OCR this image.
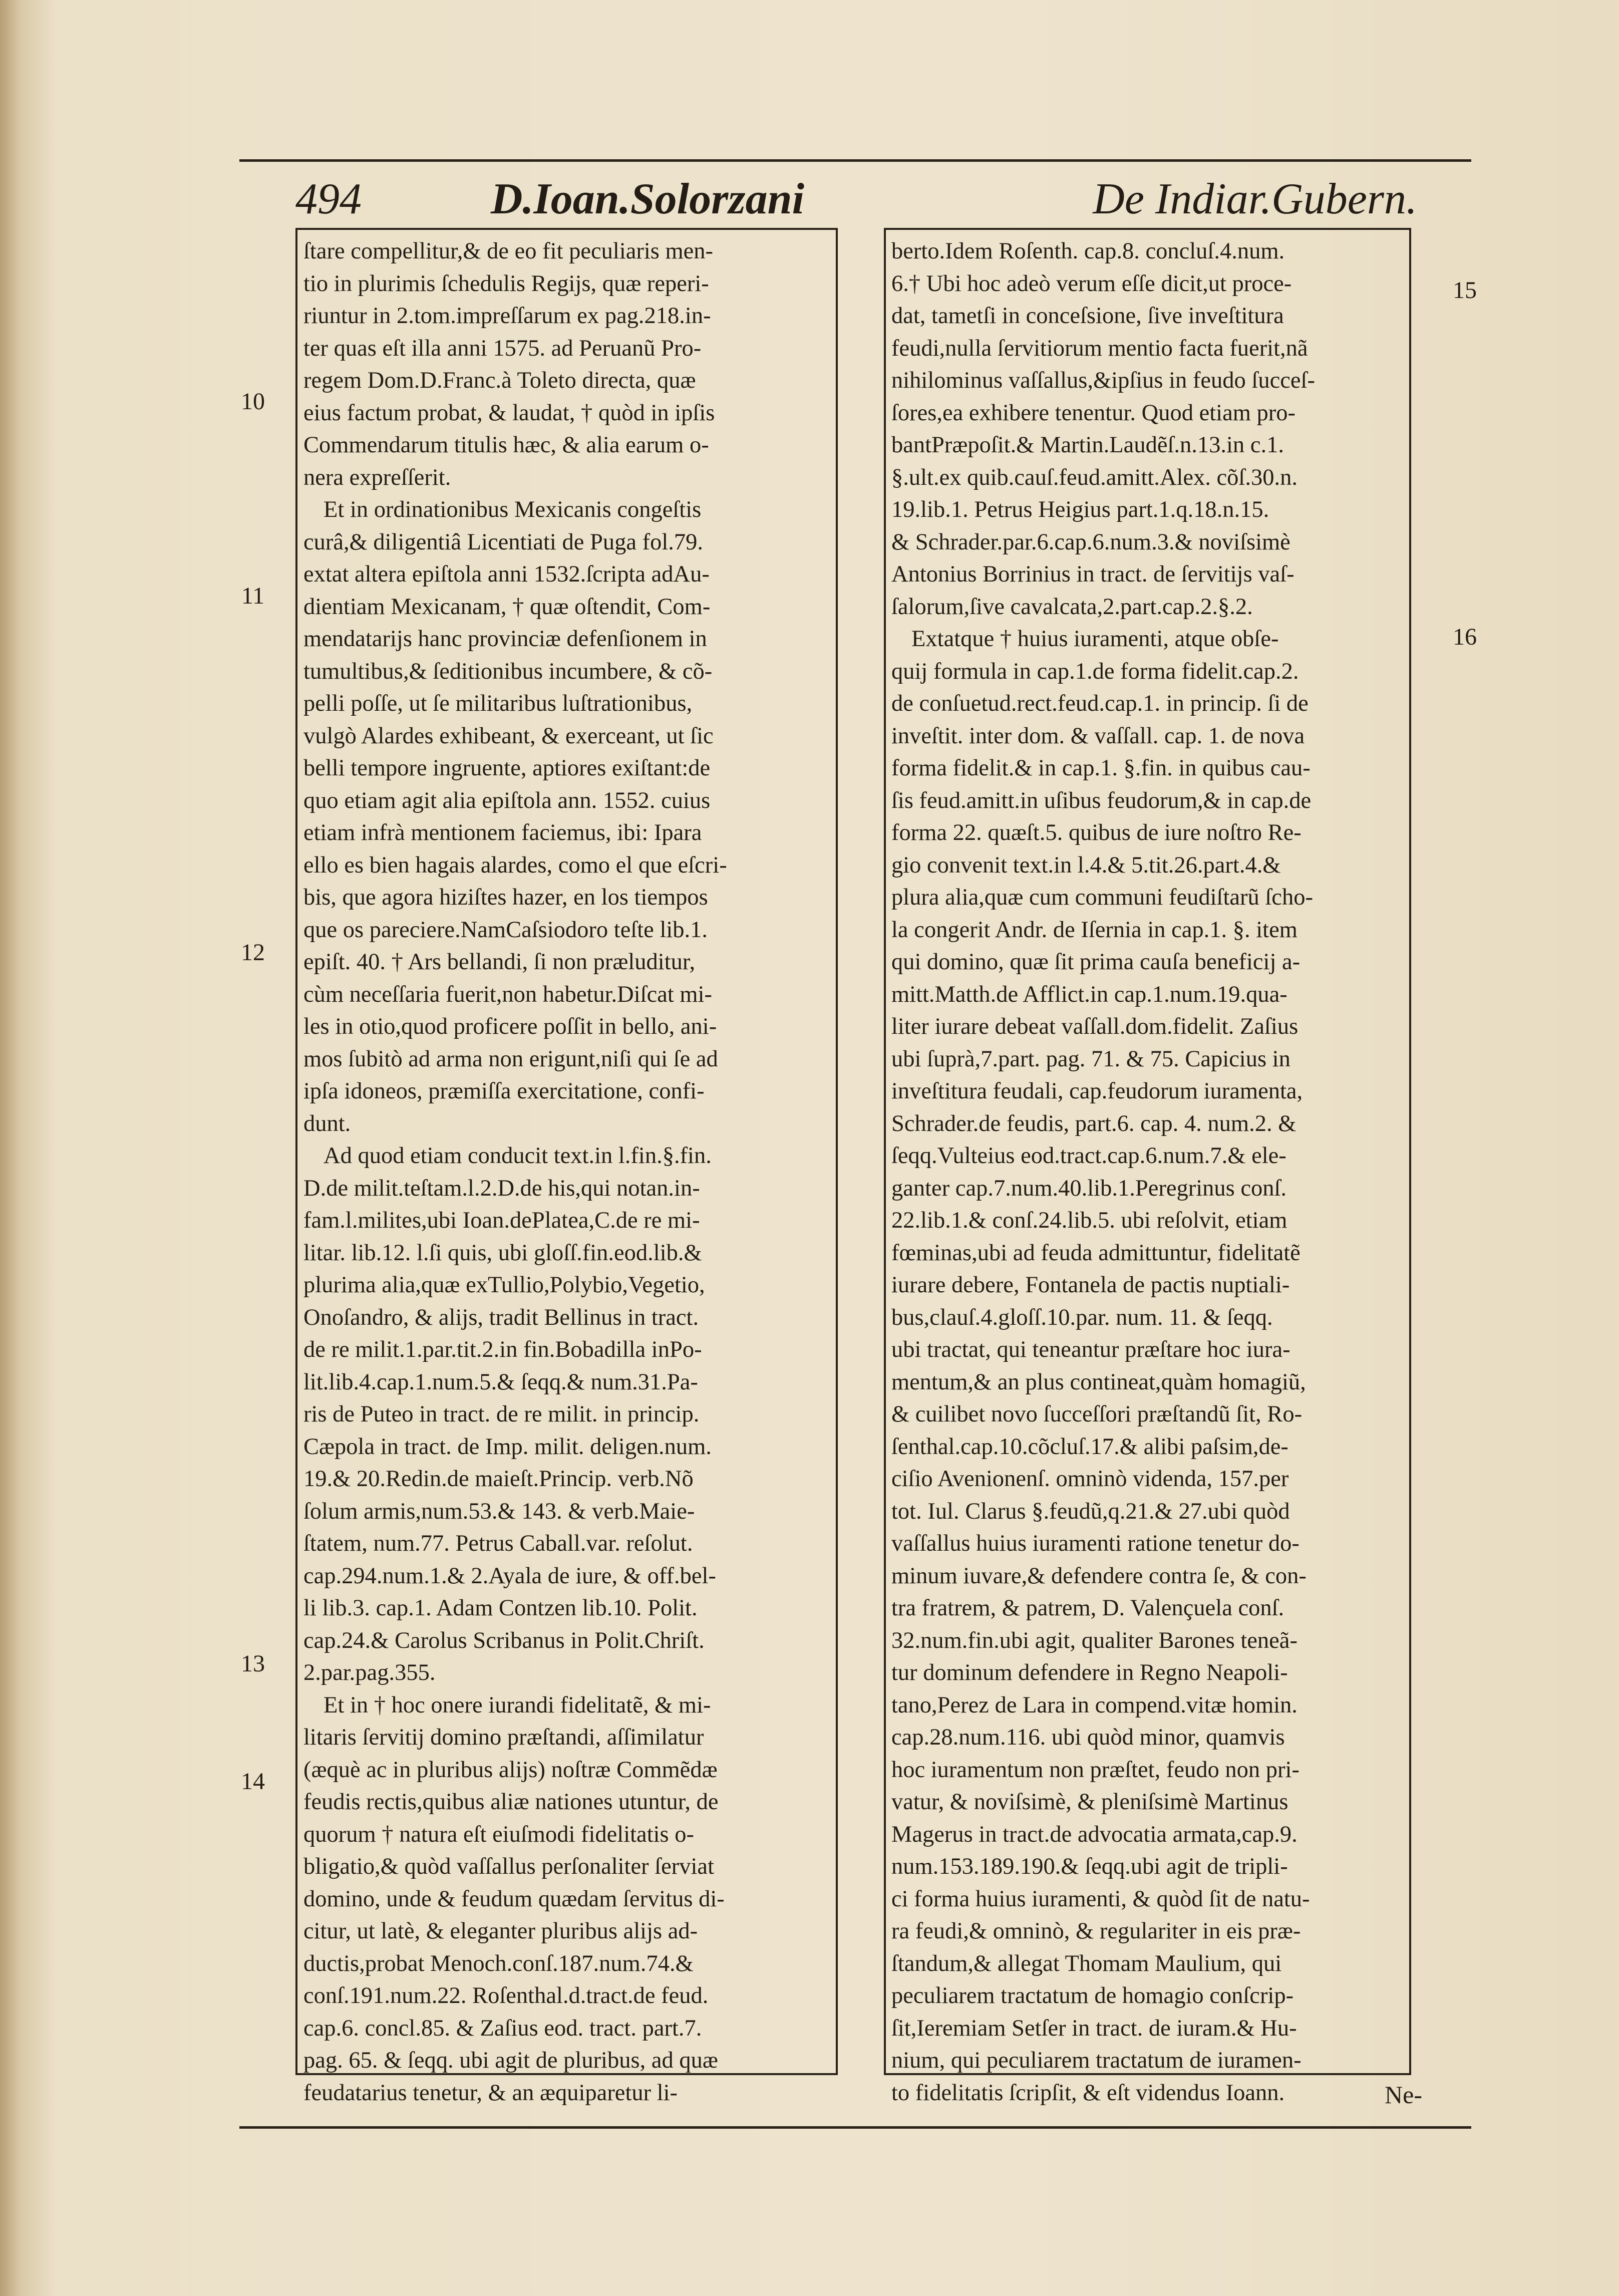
494	D.Ioan.Solorzani	De Indiar.Gubern.
ſtare compellitur,& de eo fit peculiaris men-
tio in plurimis ſchedulis Regijs, quæ reperi-
riuntur in 2.tom.impreſſarum ex pag.218.in-
ter quas eſt illa anni 1575. ad Peruanũ Pro-
regem Dom.D.Franc.à Toleto directa, quæ
eius factum probat, & laudat, † quòd in ipſis
Commendarum titulis hæc, & alia earum o-
nera expreſſerit.
Et in ordinationibus Mexicanis congeſtis
curâ,& diligentiâ Licentiati de Puga fol.79.
extat altera epiſtola anni 1532.ſcripta adAu-
dientiam Mexicanam, † quæ oſtendit, Com-
mendatarijs hanc provinciæ defenſionem in
tumultibus,& ſeditionibus incumbere, & cõ-
pelli poſſe, ut ſe militaribus luſtrationibus,
vulgò Alardes exhibeant, & exerceant, ut ſic
belli tempore ingruente, aptiores exiſtant:de
quo etiam agit alia epiſtola ann. 1552. cuius
etiam infrà mentionem faciemus, ibi: Ipara
ello es bien hagais alardes, como el que eſcri-
bis, que agora hiziſtes hazer, en los tiempos
que os pareciere.NamCaſsiodoro teſte lib.1.
epiſt. 40. † Ars bellandi, ſi non præluditur,
cùm neceſſaria fuerit,non habetur.Diſcat mi-
les in otio,quod proficere poſſit in bello, ani-
mos ſubitò ad arma non erigunt,niſi qui ſe ad
ipſa idoneos, præmiſſa exercitatione, confi-
dunt.
Ad quod etiam conducit text.in l.fin.§.fin.
D.de milit.teſtam.l.2.D.de his,qui notan.in-
fam.l.milites,ubi Ioan.dePlatea,C.de re mi-
litar. lib.12. l.ſi quis, ubi gloſſ.fin.eod.lib.&
plurima alia,quæ exTullio,Polybio,Vegetio,
Onoſandro, & alijs, tradit Bellinus in tract.
de re milit.1.par.tit.2.in fin.Bobadilla inPo-
lit.lib.4.cap.1.num.5.& ſeqq.& num.31.Pa-
ris de Puteo in tract. de re milit. in princip.
Cæpola in tract. de Imp. milit. deligen.num.
19.& 20.Redin.de maieſt.Princip. verb.Nõ
ſolum armis,num.53.& 143. & verb.Maie-
ſtatem, num.77. Petrus Caball.var. reſolut.
cap.294.num.1.& 2.Ayala de iure, & off.bel-
li lib.3. cap.1. Adam Contzen lib.10. Polit.
cap.24.& Carolus Scribanus in Polit.Chriſt.
2.par.pag.355.
Et in † hoc onere iurandi fidelitatẽ, & mi-
litaris ſervitij domino præſtandi, aſſimilatur
(æquè ac in pluribus alijs) noſtræ Commẽdæ
feudis rectis,quibus aliæ nationes utuntur, de
quorum † natura eſt eiuſmodi fidelitatis o-
bligatio,& quòd vaſſallus perſonaliter ſerviat
domino, unde & feudum quædam ſervitus di-
citur, ut latè, & eleganter pluribus alijs ad-
ductis,probat Menoch.conſ.187.num.74.&
conſ.191.num.22. Roſenthal.d.tract.de feud.
cap.6. concl.85. & Zaſius eod. tract. part.7.
pag. 65. & ſeqq. ubi agit de pluribus, ad quæ
feudatarius tenetur, & an æquiparetur li-
berto.Idem Roſenth. cap.8. concluſ.4.num.
6.† Ubi hoc adeò verum eſſe dicit,ut proce-
dat, tametſi in conceſsione, ſive inveſtitura
feudi,nulla ſervitiorum mentio facta fuerit,nã
nihilominus vaſſallus,&ipſius in feudo ſucceſ-
ſores,ea exhibere tenentur. Quod etiam pro-
bantPræpoſit.& Martin.Laudẽſ.n.13.in c.1.
§.ult.ex quib.cauſ.feud.amitt.Alex. cõſ.30.n.
19.lib.1. Petrus Heigius part.1.q.18.n.15.
& Schrader.par.6.cap.6.num.3.& noviſsimè
Antonius Borrinius in tract. de ſervitijs vaſ-
ſalorum,ſive cavalcata,2.part.cap.2.§.2.
Extatque † huius iuramenti, atque obſe-
quij formula in cap.1.de forma fidelit.cap.2.
de conſuetud.rect.feud.cap.1. in princip. ſi de
inveſtit. inter dom. & vaſſall. cap. 1. de nova
forma fidelit.& in cap.1. §.fin. in quibus cau-
ſis feud.amitt.in uſibus feudorum,& in cap.de
forma 22. quæſt.5. quibus de iure noſtro Re-
gio convenit text.in l.4.& 5.tit.26.part.4.&
plura alia,quæ cum communi feudiſtarũ ſcho-
la congerit Andr. de Iſernia in cap.1. §. item
qui domino, quæ ſit prima cauſa beneficij a-
mitt.Matth.de Afflict.in cap.1.num.19.qua-
liter iurare debeat vaſſall.dom.fidelit. Zaſius
ubi ſuprà,7.part. pag. 71. & 75. Capicius in
inveſtitura feudali, cap.feudorum iuramenta,
Schrader.de feudis, part.6. cap. 4. num.2. &
ſeqq.Vulteius eod.tract.cap.6.num.7.& ele-
ganter cap.7.num.40.lib.1.Peregrinus conſ.
22.lib.1.& conſ.24.lib.5. ubi reſolvit, etiam
fœminas,ubi ad feuda admittuntur, fidelitatẽ
iurare debere, Fontanela de pactis nuptiali-
bus,clauſ.4.gloſſ.10.par. num. 11. & ſeqq.
ubi tractat, qui teneantur præſtare hoc iura-
mentum,& an plus contineat,quàm homagiũ,
& cuilibet novo ſucceſſori præſtandũ ſit, Ro-
ſenthal.cap.10.cõcluſ.17.& alibi paſsim,de-
ciſio Avenionenſ. omninò videnda, 157.per
tot. Iul. Clarus §.feudũ,q.21.& 27.ubi quòd
vaſſallus huius iuramenti ratione tenetur do-
minum iuvare,& defendere contra ſe, & con-
tra fratrem, & patrem, D. Valençuela conſ.
32.num.fin.ubi agit, qualiter Barones teneã-
tur dominum defendere in Regno Neapoli-
tano,Perez de Lara in compend.vitæ homin.
cap.28.num.116. ubi quòd minor, quamvis
hoc iuramentum non præſtet, feudo non pri-
vatur, & noviſsimè, & pleniſsimè Martinus
Magerus in tract.de advocatia armata,cap.9.
num.153.189.190.& ſeqq.ubi agit de tripli-
ci forma huius iuramenti, & quòd ſit de natu-
ra feudi,& omninò, & regulariter in eis præ-
ſtandum,& allegat Thomam Maulium, qui
peculiarem tractatum de homagio conſcrip-
ſit,Ieremiam Setſer in tract. de iuram.& Hu-
nium, qui peculiarem tractatum de iuramen-
to fidelitatis ſcripſit, & eſt videndus Ioann.
10
11
12
13
14
15
16
Ne-
